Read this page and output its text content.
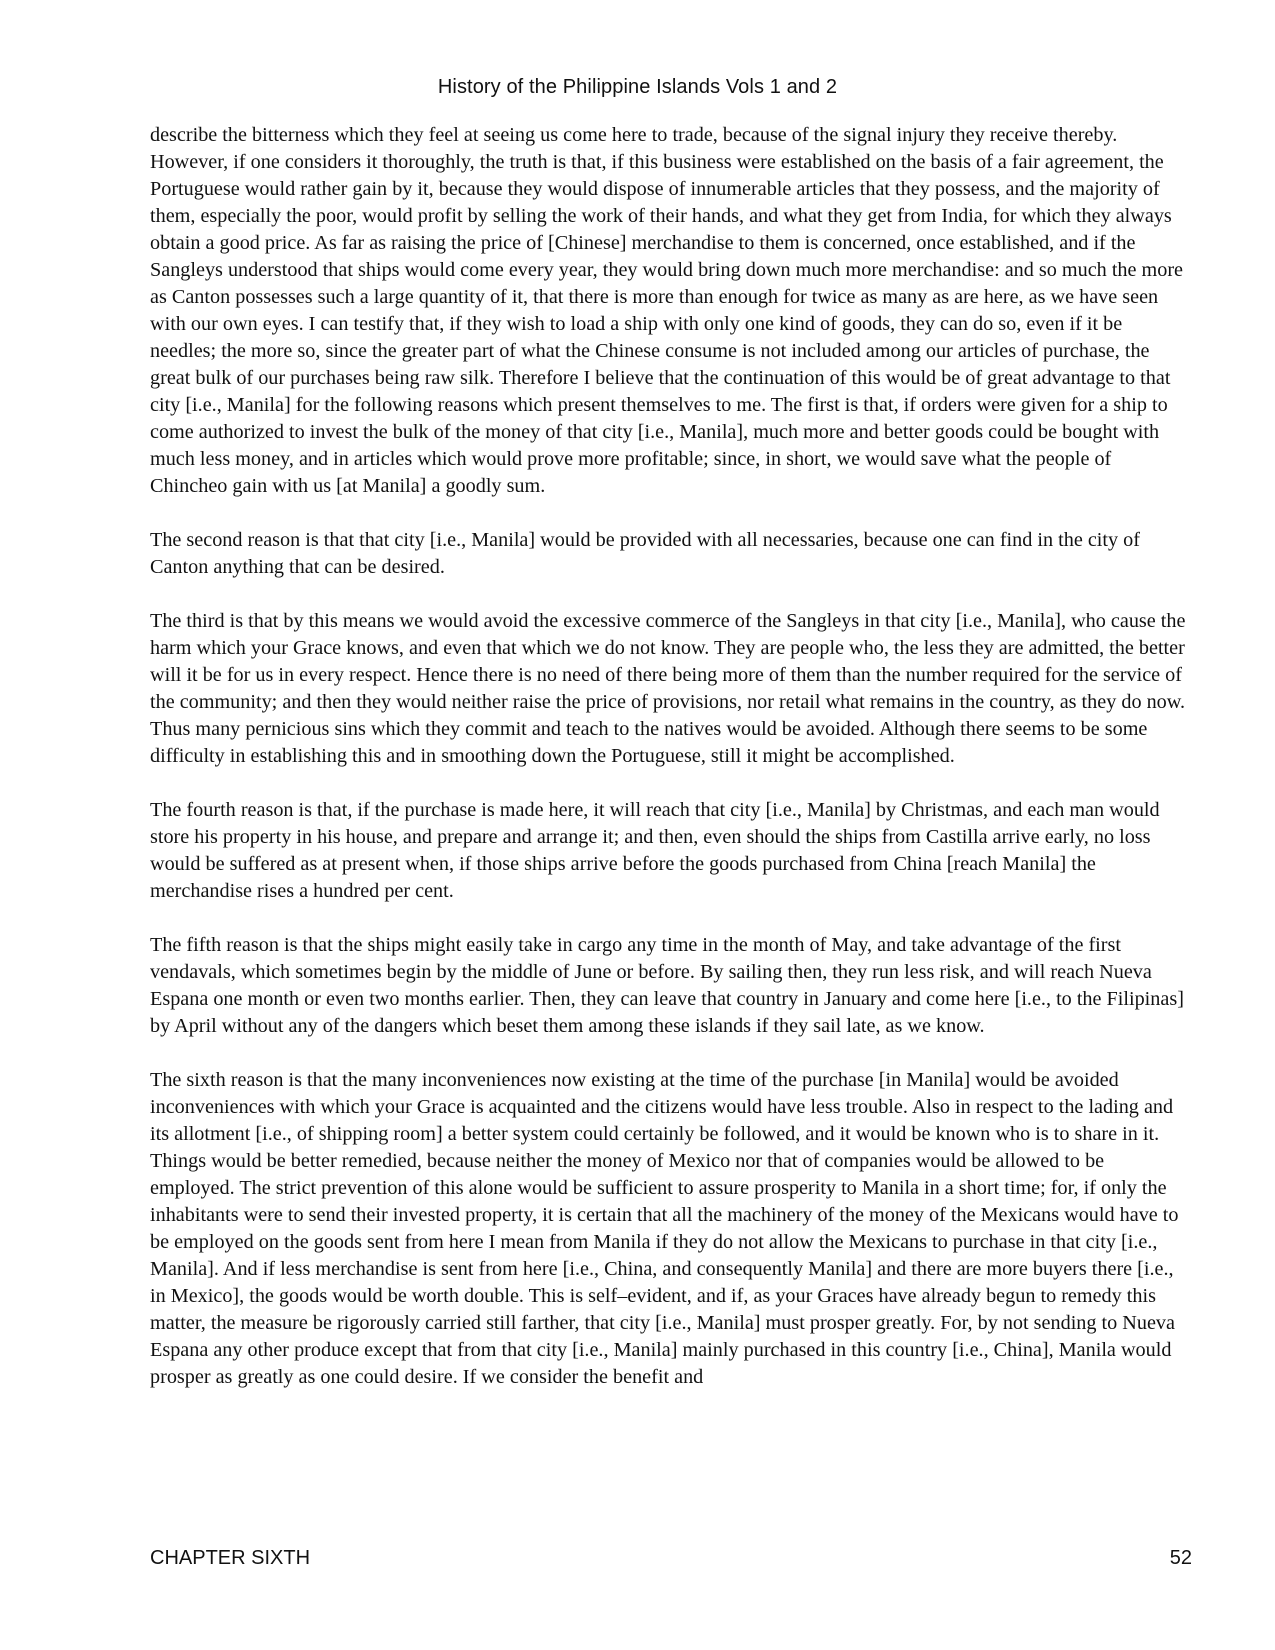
History of the Philippine Islands Vols 1 and 2

describe the bitterness which they feel at seeing us come here to trade, because of the signal injury they receive thereby. However, if one considers it thoroughly, the truth is that, if this business were established on the basis of a fair agreement, the Portuguese would rather gain by it, because they would dispose of innumerable articles that they possess, and the majority of them, especially the poor, would profit by selling the work of their hands, and what they get from India, for which they always obtain a good price. As far as raising the price of [Chinese] merchandise to them is concerned, once established, and if the Sangleys understood that ships would come every year, they would bring down much more merchandise: and so much the more as Canton possesses such a large quantity of it, that there is more than enough for twice as many as are here, as we have seen with our own eyes. I can testify that, if they wish to load a ship with only one kind of goods, they can do so, even if it be needles; the more so, since the greater part of what the Chinese consume is not included among our articles of purchase, the great bulk of our purchases being raw silk. Therefore I believe that the continuation of this would be of great advantage to that city [i.e., Manila] for the following reasons which present themselves to me. The first is that, if orders were given for a ship to come authorized to invest the bulk of the money of that city [i.e., Manila], much more and better goods could be bought with much less money, and in articles which would prove more profitable; since, in short, we would save what the people of Chincheo gain with us [at Manila] a goodly sum.

The second reason is that that city [i.e., Manila] would be provided with all necessaries, because one can find in the city of Canton anything that can be desired.

The third is that by this means we would avoid the excessive commerce of the Sangleys in that city [i.e., Manila], who cause the harm which your Grace knows, and even that which we do not know. They are people who, the less they are admitted, the better will it be for us in every respect. Hence there is no need of there being more of them than the number required for the service of the community; and then they would neither raise the price of provisions, nor retail what remains in the country, as they do now. Thus many pernicious sins which they commit and teach to the natives would be avoided. Although there seems to be some difficulty in establishing this and in smoothing down the Portuguese, still it might be accomplished.

The fourth reason is that, if the purchase is made here, it will reach that city [i.e., Manila] by Christmas, and each man would store his property in his house, and prepare and arrange it; and then, even should the ships from Castilla arrive early, no loss would be suffered as at present when, if those ships arrive before the goods purchased from China [reach Manila] the merchandise rises a hundred per cent.

The fifth reason is that the ships might easily take in cargo any time in the month of May, and take advantage of the first vendavals, which sometimes begin by the middle of June or before. By sailing then, they run less risk, and will reach Nueva Espana one month or even two months earlier. Then, they can leave that country in January and come here [i.e., to the Filipinas] by April without any of the dangers which beset them among these islands if they sail late, as we know.

The sixth reason is that the many inconveniences now existing at the time of the purchase [in Manila] would be avoided inconveniences with which your Grace is acquainted and the citizens would have less trouble. Also in respect to the lading and its allotment [i.e., of shipping room] a better system could certainly be followed, and it would be known who is to share in it. Things would be better remedied, because neither the money of Mexico nor that of companies would be allowed to be employed. The strict prevention of this alone would be sufficient to assure prosperity to Manila in a short time; for, if only the inhabitants were to send their invested property, it is certain that all the machinery of the money of the Mexicans would have to be employed on the goods sent from here I mean from Manila if they do not allow the Mexicans to purchase in that city [i.e., Manila]. And if less merchandise is sent from here [i.e., China, and consequently Manila] and there are more buyers there [i.e., in Mexico], the goods would be worth double. This is self–evident, and if, as your Graces have already begun to remedy this matter, the measure be rigorously carried still farther, that city [i.e., Manila] must prosper greatly. For, by not sending to Nueva Espana any other produce except that from that city [i.e., Manila] mainly purchased in this country [i.e., China], Manila would prosper as greatly as one could desire. If we consider the benefit and

CHAPTER SIXTH	52
